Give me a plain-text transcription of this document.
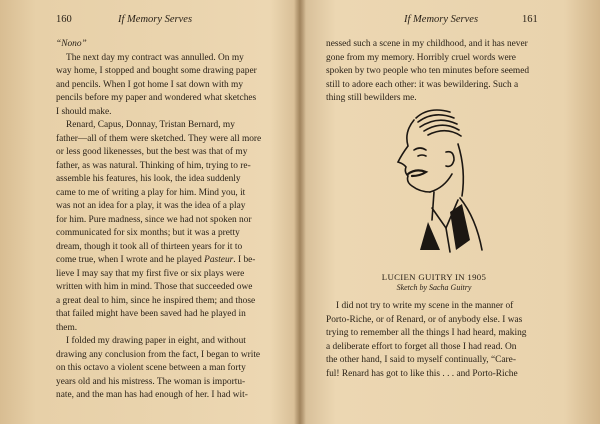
160	If Memory Serves
“Nono”
The next day my contract was annulled. On my
way home, I stopped and bought some drawing paper
and pencils. When I got home I sat down with my
pencils before my paper and wondered what sketches
I should make.
Renard, Capus, Donnay, Tristan Bernard, my
father—all of them were sketched. They were all more
or less good likenesses, but the best was that of my
father, as was natural. Thinking of him, trying to re-
assemble his features, his look, the idea suddenly
came to me of writing a play for him. Mind you, it
was not an idea for a play, it was the idea of a play
for him. Pure madness, since we had not spoken nor
communicated for six months; but it was a pretty
dream, though it took all of thirteen years for it to
come true, when I wrote and he played Pasteur. I be-
lieve I may say that my first five or six plays were
written with him in mind. Those that succeeded owe
a great deal to him, since he inspired them; and those
that failed might have been saved had he played in
them.
I folded my drawing paper in eight, and without
drawing any conclusion from the fact, I began to write
on this octavo a violent scene between a man forty
years old and his mistress. The woman is importu-
nate, and the man has had enough of her. I had wit-
If Memory Serves	161
nessed such a scene in my childhood, and it has never
gone from my memory. Horribly cruel words were
spoken by two people who ten minutes before seemed
still to adore each other: it was bewildering. Such a
thing still bewilders me.
LUCIEN GUITRY IN 1905
Sketch by Sacha Guitry
I did not try to write my scene in the manner of
Porto-Riche, or of Renard, or of anybody else. I was
trying to remember all the things I had heard, making
a deliberate effort to forget all those I had read. On
the other hand, I said to myself continually, “Care-
ful! Renard has got to like this . . . and Porto-Riche
